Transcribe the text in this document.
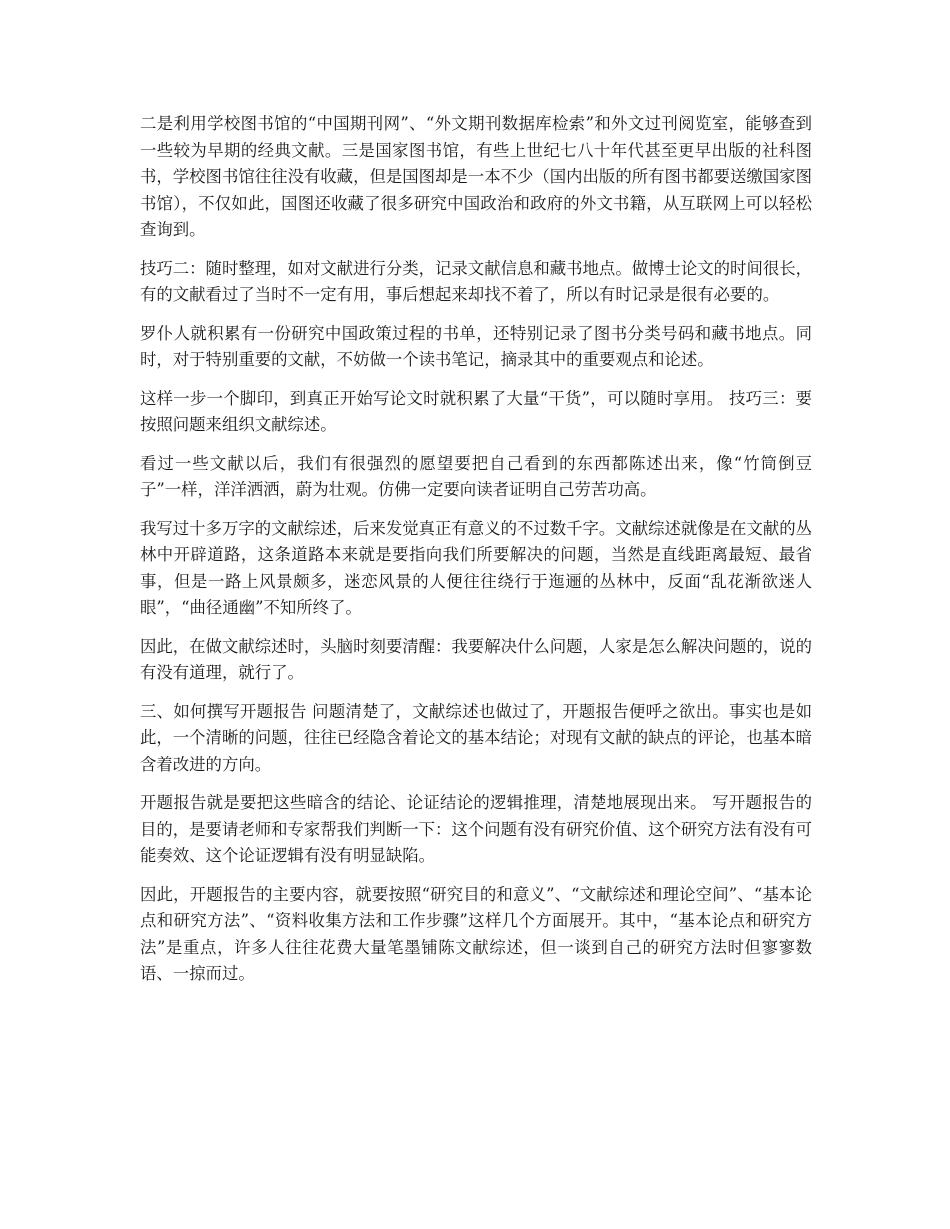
二是利用学校图书馆的“中国期刊网”、“外文期刊数据库检索”和外文过刊阅览室，能够查到一些较为早期的经典文献。三是国家图书馆，有些上世纪七八十年代甚至更早出版的社科图书，学校图书馆往往没有收藏，但是国图却是一本不少（国内出版的所有图书都要送缴国家图书馆），不仅如此，国图还收藏了很多研究中国政治和政府的外文书籍，从互联网上可以轻松查询到。

技巧二：随时整理，如对文献进行分类，记录文献信息和藏书地点。做博士论文的时间很长，有的文献看过了当时不一定有用，事后想起来却找不着了，所以有时记录是很有必要的。

罗仆人就积累有一份研究中国政策过程的书单，还特别记录了图书分类号码和藏书地点。同时，对于特别重要的文献，不妨做一个读书笔记，摘录其中的重要观点和论述。

这样一步一个脚印，到真正开始写论文时就积累了大量“干货”，可以随时享用。 技巧三：要按照问题来组织文献综述。

看过一些文献以后，我们有很强烈的愿望要把自己看到的东西都陈述出来，像“竹筒倒豆子”一样，洋洋洒洒，蔚为壮观。仿佛一定要向读者证明自己劳苦功高。

我写过十多万字的文献综述，后来发觉真正有意义的不过数千字。文献综述就像是在文献的丛林中开辟道路，这条道路本来就是要指向我们所要解决的问题，当然是直线距离最短、最省事，但是一路上风景颇多，迷恋风景的人便往往绕行于迤逦的丛林中，反面“乱花渐欲迷人眼”，“曲径通幽”不知所终了。

因此，在做文献综述时，头脑时刻要清醒：我要解决什么问题，人家是怎么解决问题的，说的有没有道理，就行了。

三、如何撰写开题报告 问题清楚了，文献综述也做过了，开题报告便呼之欲出。事实也是如此，一个清晰的问题，往往已经隐含着论文的基本结论；对现有文献的缺点的评论，也基本暗含着改进的方向。

开题报告就是要把这些暗含的结论、论证结论的逻辑推理，清楚地展现出来。 写开题报告的目的，是要请老师和专家帮我们判断一下：这个问题有没有研究价值、这个研究方法有没有可能奏效、这个论证逻辑有没有明显缺陷。

因此，开题报告的主要内容，就要按照“研究目的和意义”、“文献综述和理论空间”、“基本论点和研究方法”、“资料收集方法和工作步骤”这样几个方面展开。其中，“基本论点和研究方法”是重点，许多人往往花费大量笔墨铺陈文献综述，但一谈到自己的研究方法时但寥寥数语、一掠而过。
